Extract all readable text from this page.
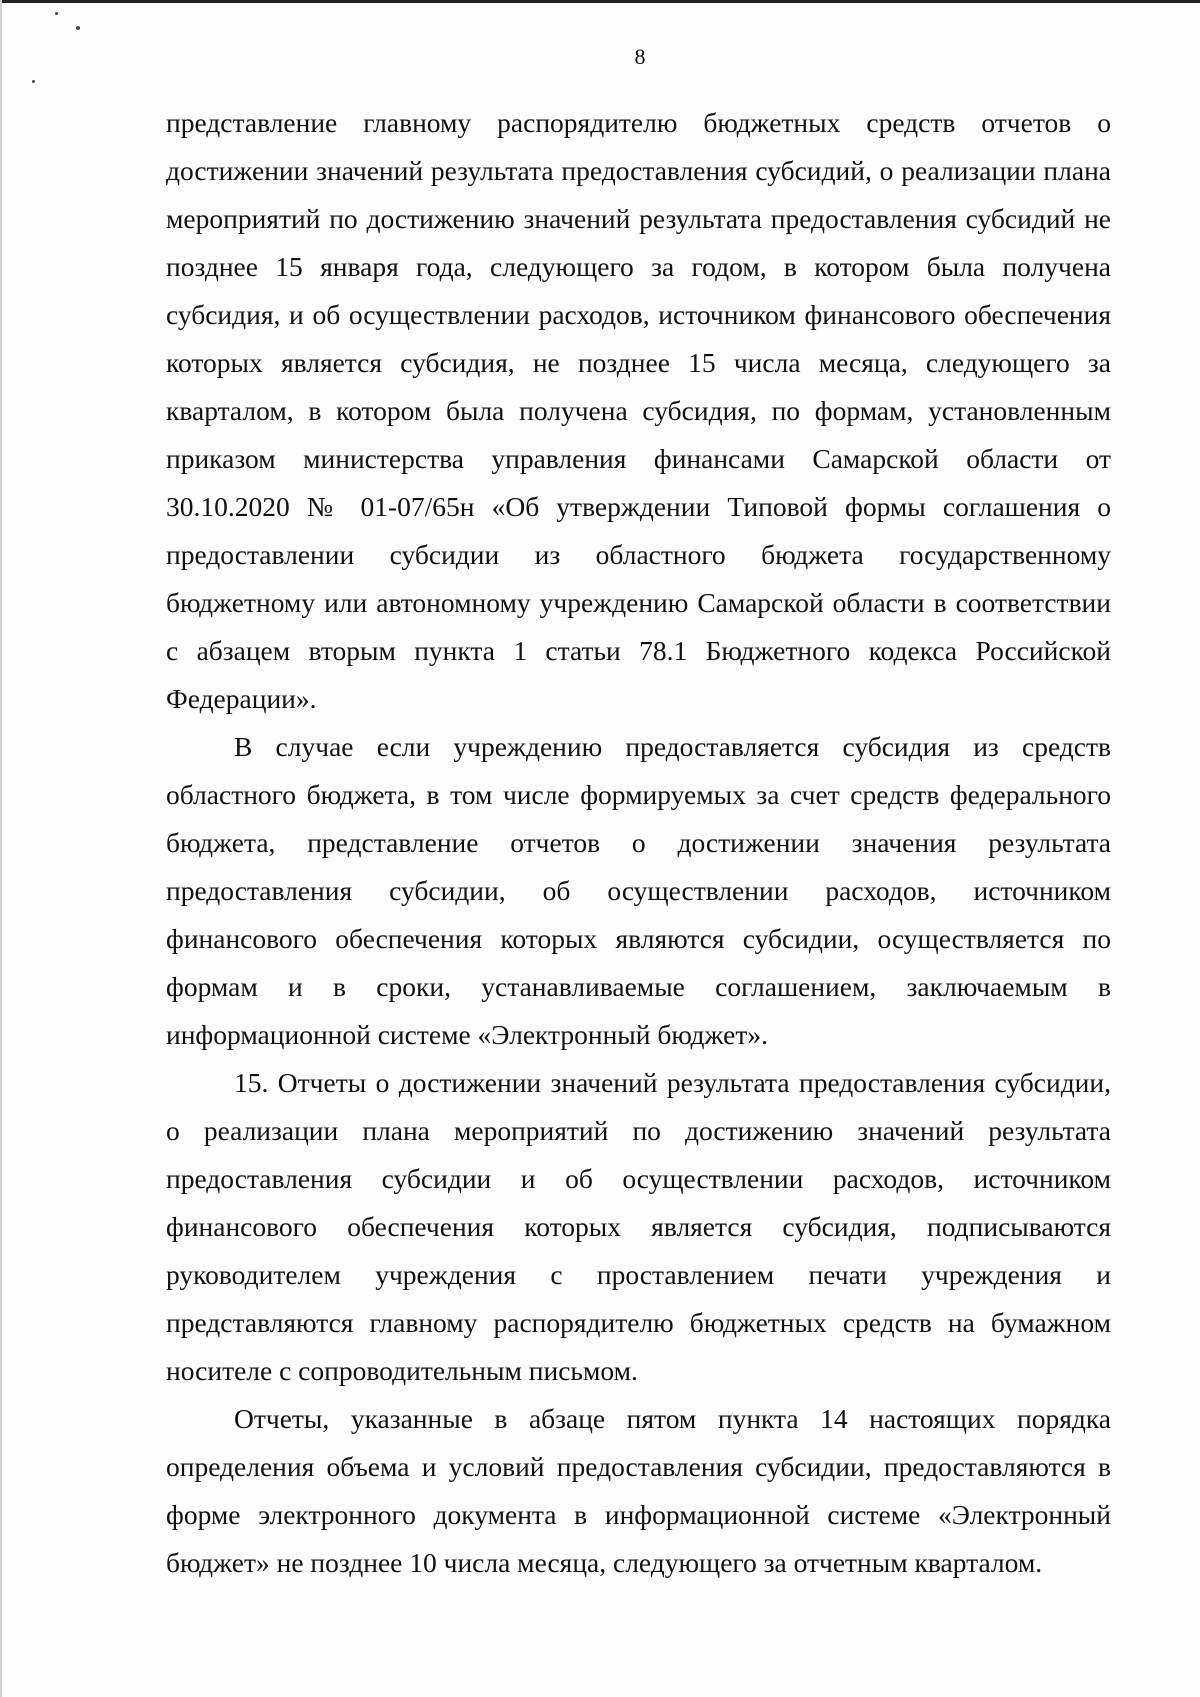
8

представление главному распорядителю бюджетных средств отчетов о достижении значений результата предоставления субсидий, о реализации плана мероприятий по достижению значений результата предоставления субсидий не позднее 15 января года, следующего за годом, в котором была получена субсидия, и об осуществлении расходов, источником финансового обеспечения которых является субсидия, не позднее 15 числа месяца, следующего за кварталом, в котором была получена субсидия, по формам, установленным приказом министерства управления финансами Самарской области от 30.10.2020 № 01-07/65н «Об утверждении Типовой формы соглашения о предоставлении субсидии из областного бюджета государственному бюджетному или автономному учреждению Самарской области в соответствии с абзацем вторым пункта 1 статьи 78.1 Бюджетного кодекса Российской Федерации».

В случае если учреждению предоставляется субсидия из средств областного бюджета, в том числе формируемых за счет средств федерального бюджета, представление отчетов о достижении значения результата предоставления субсидии, об осуществлении расходов, источником финансового обеспечения которых являются субсидии, осуществляется по формам и в сроки, устанавливаемые соглашением, заключаемым в информационной системе «Электронный бюджет».

15. Отчеты о достижении значений результата предоставления субсидии, о реализации плана мероприятий по достижению значений результата предоставления субсидии и об осуществлении расходов, источником финансового обеспечения которых является субсидия, подписываются руководителем учреждения с проставлением печати учреждения и представляются главному распорядителю бюджетных средств на бумажном носителе с сопроводительным письмом.

Отчеты, указанные в абзаце пятом пункта 14 настоящих порядка определения объема и условий предоставления субсидии, предоставляются в форме электронного документа в информационной системе «Электронный бюджет» не позднее 10 числа месяца, следующего за отчетным кварталом.
